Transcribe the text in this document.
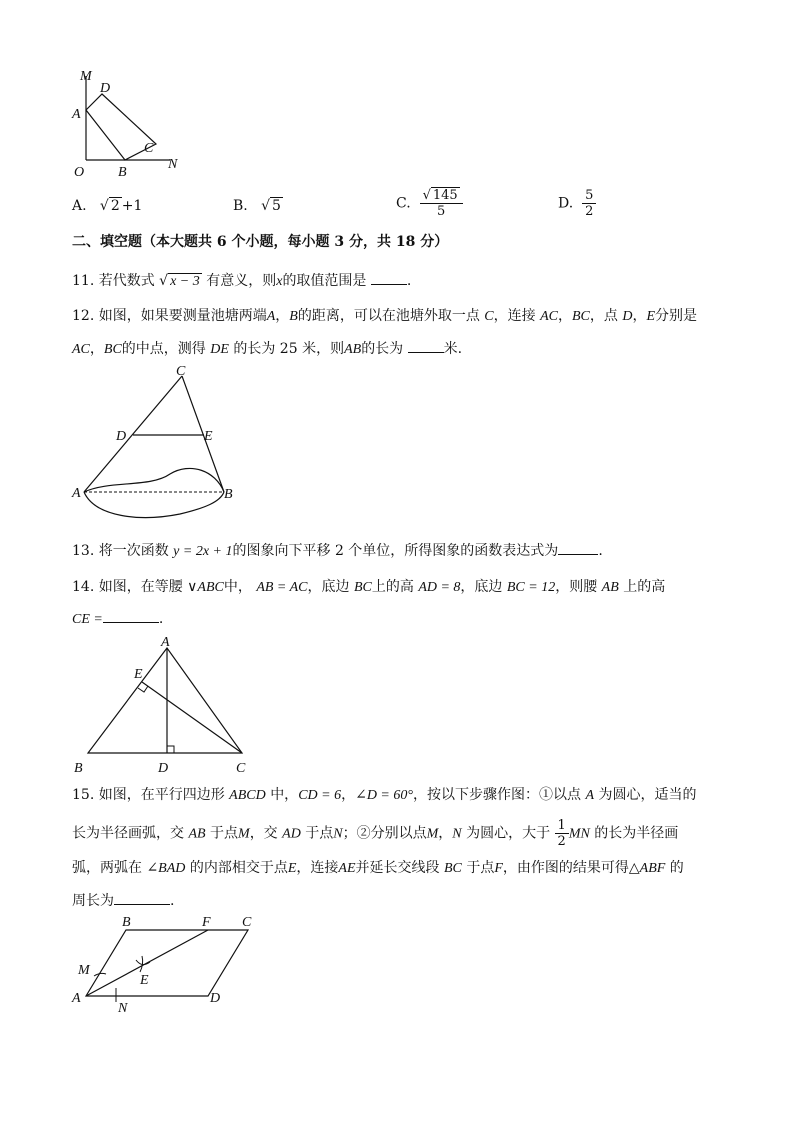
M
D
A
C
O B
N
A. √ 2 +1	B. √ 5	C. $\frac{√ 145}{5}$	D. $\frac{5}{2}$
二、填空题（本大题共 6 个小题，每小题 3 分，共 18 分）
11. 若代数式 √ x − 3 有意义，则x的取值范围是	.
12. 如图，如果要测量池塘两端A，B的距离，可以在池塘外取一点 C，连接 AC，BC，点 D，E分别是
AC，BC的中点，测得 DE 的长为 25 米，则AB的长为	米.
C
D	E
A	B
13. 将一次函数 y = 2x + 1的图象向下平移 2 个单位，所得图象的函数表达式为	.
14. 如图，在等腰 ∨ABC中， AB = AC，底边 BC上的高 AD = 8，底边 BC = 12，则腰 AB 上的高
CE =	.
A
E
B	D	C
15. 如图，在平行四边形 ABCD 中，CD = 6，∠D = 60°，按以下步骤作图：①以点 A 为圆心，适当的
长为半径画弧，交 AB 于点M，交 AD 于点N；②分别以点M，N 为圆心，大于 $\frac{1}{2}$ MN 的长为半径画
弧，两弧在 ∠BAD 的内部相交于点E，连接AE并延长交线段 BC 于点F，由作图的结果可得△ABF 的
周长为	.
B	F C
M
E
A
N
D
